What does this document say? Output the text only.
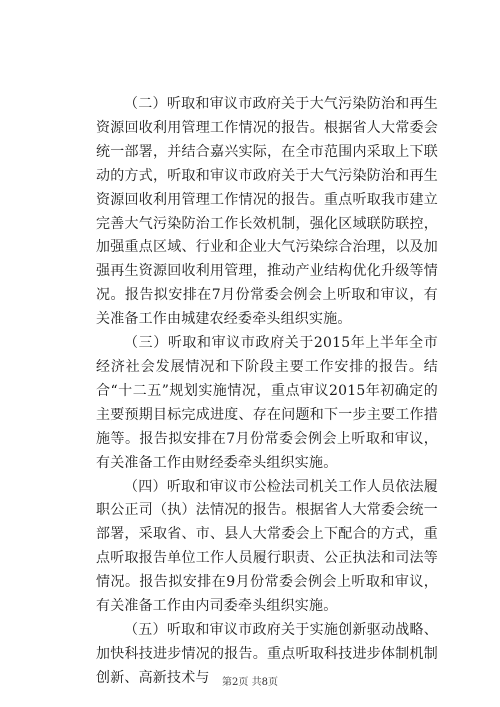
（二）听取和审议市政府关于大气污染防治和再生资源回收利用管理工作情况的报告。根据省人大常委会统一部署，并结合嘉兴实际，在全市范围内采取上下联动的方式，听取和审议市政府关于大气污染防治和再生资源回收利用管理工作情况的报告。重点听取我市建立完善大气污染防治工作长效机制，强化区域联防联控，加强重点区域、行业和企业大气污染综合治理，以及加强再生资源回收利用管理，推动产业结构优化升级等情况。报告拟安排在7月份常委会例会上听取和审议，有关准备工作由城建农经委牵头组织实施。

（三）听取和审议市政府关于2015年上半年全市经济社会发展情况和下阶段主要工作安排的报告。结合“十二五”规划实施情况，重点审议2015年初确定的主要预期目标完成进度、存在问题和下一步主要工作措施等。报告拟安排在7月份常委会例会上听取和审议，有关准备工作由财经委牵头组织实施。

（四）听取和审议市公检法司机关工作人员依法履职公正司（执）法情况的报告。根据省人大常委会统一部署，采取省、市、县人大常委会上下配合的方式，重点听取报告单位工作人员履行职责、公正执法和司法等情况。报告拟安排在9月份常委会例会上听取和审议，有关准备工作由内司委牵头组织实施。

（五）听取和审议市政府关于实施创新驱动战略、加快科技进步情况的报告。重点听取科技进步体制机制创新、高新技术与	第2页 共8页
